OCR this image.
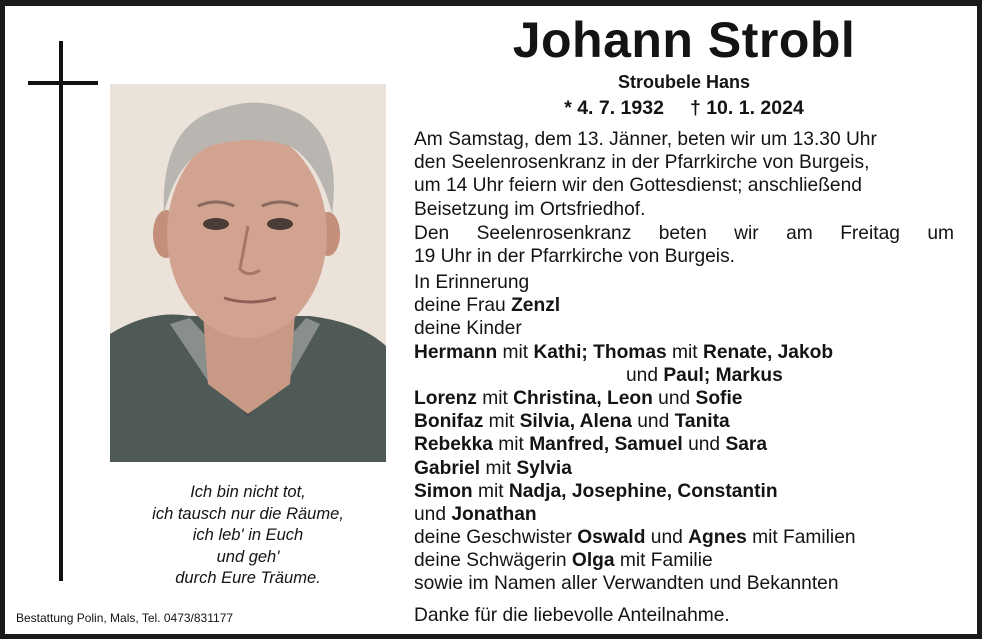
Ich bin nicht tot,
ich tausch nur die Räume,
ich leb' in Euch
und geh'
durch Eure Träume.
Bestattung Polin, Mals, Tel. 0473/831177
Johann Strobl
Stroubele Hans
* 4. 7. 1932 † 10. 1. 2024
Am Samstag, dem 13. Jänner, beten wir um 13.30 Uhr
den Seelenrosenkranz in der Pfarrkirche von Burgeis,
um 14 Uhr feiern wir den Gottesdienst; anschließend
Beisetzung im Ortsfriedhof.
Den Seelenrosenkranz beten wir am Freitag um
19 Uhr in der Pfarrkirche von Burgeis.
In Erinnerung
deine Frau Zenzl
deine Kinder
Hermann mit Kathi; Thomas mit Renate, Jakob
und Paul; Markus
Lorenz mit Christina, Leon und Sofie
Bonifaz mit Silvia, Alena und Tanita
Rebekka mit Manfred, Samuel und Sara
Gabriel mit Sylvia
Simon mit Nadja, Josephine, Constantin
und Jonathan
deine Geschwister Oswald und Agnes mit Familien
deine Schwägerin Olga mit Familie
sowie im Namen aller Verwandten und Bekannten
Danke für die liebevolle Anteilnahme.
